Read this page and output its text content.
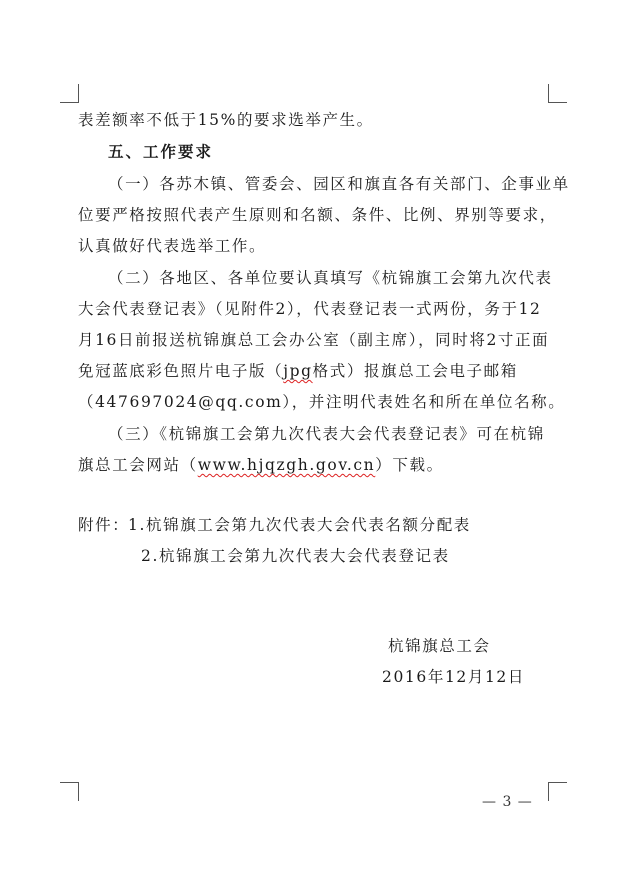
表差额率不低于15%的要求选举产生。

五、工作要求

（一）各苏木镇、管委会、园区和旗直各有关部门、企事业单

位要严格按照代表产生原则和名额、条件、比例、界别等要求，

认真做好代表选举工作。

（二）各地区、各单位要认真填写《杭锦旗工会第九次代表

大会代表登记表》（见附件2），代表登记表一式两份，务于12

月16日前报送杭锦旗总工会办公室（副主席），同时将2寸正面

免冠蓝底彩色照片电子版（jpg格式）报旗总工会电子邮箱

（447697024@qq.com），并注明代表姓名和所在单位名称。

（三）《杭锦旗工会第九次代表大会代表登记表》可在杭锦

旗总工会网站（www.hjqzgh.gov.cn）下载。

附件：

1.杭锦旗工会第九次代表大会代表名额分配表

2.杭锦旗工会第九次代表大会代表登记表

杭锦旗总工会

2016年12月12日

— 3 —
